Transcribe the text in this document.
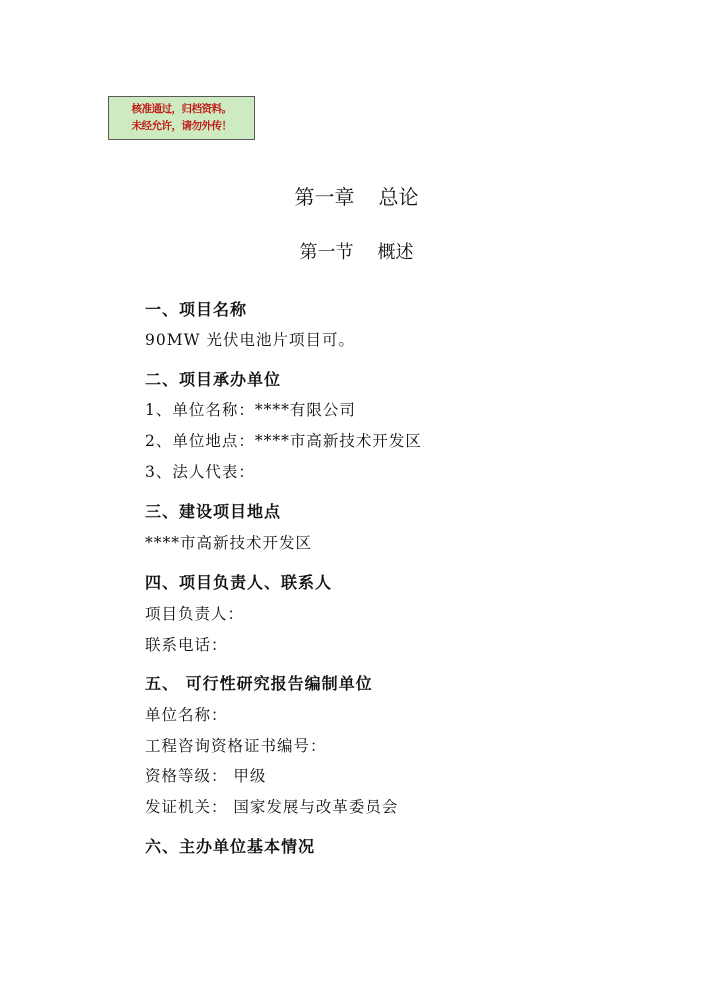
核准通过，归档资料。
未经允许，请勿外传！
第一章 总论
第一节 概述
一、项目名称
90MW 光伏电池片项目可。
二、项目承办单位
1、单位名称：****有限公司
2、单位地点：****市高新技术开发区
3、法人代表：
三、建设项目地点
****市高新技术开发区
四、项目负责人、联系人
项目负责人：
联系电话：
五、 可行性研究报告编制单位
单位名称：
工程咨询资格证书编号：
资格等级： 甲级
发证机关： 国家发展与改革委员会
六、主办单位基本情况
